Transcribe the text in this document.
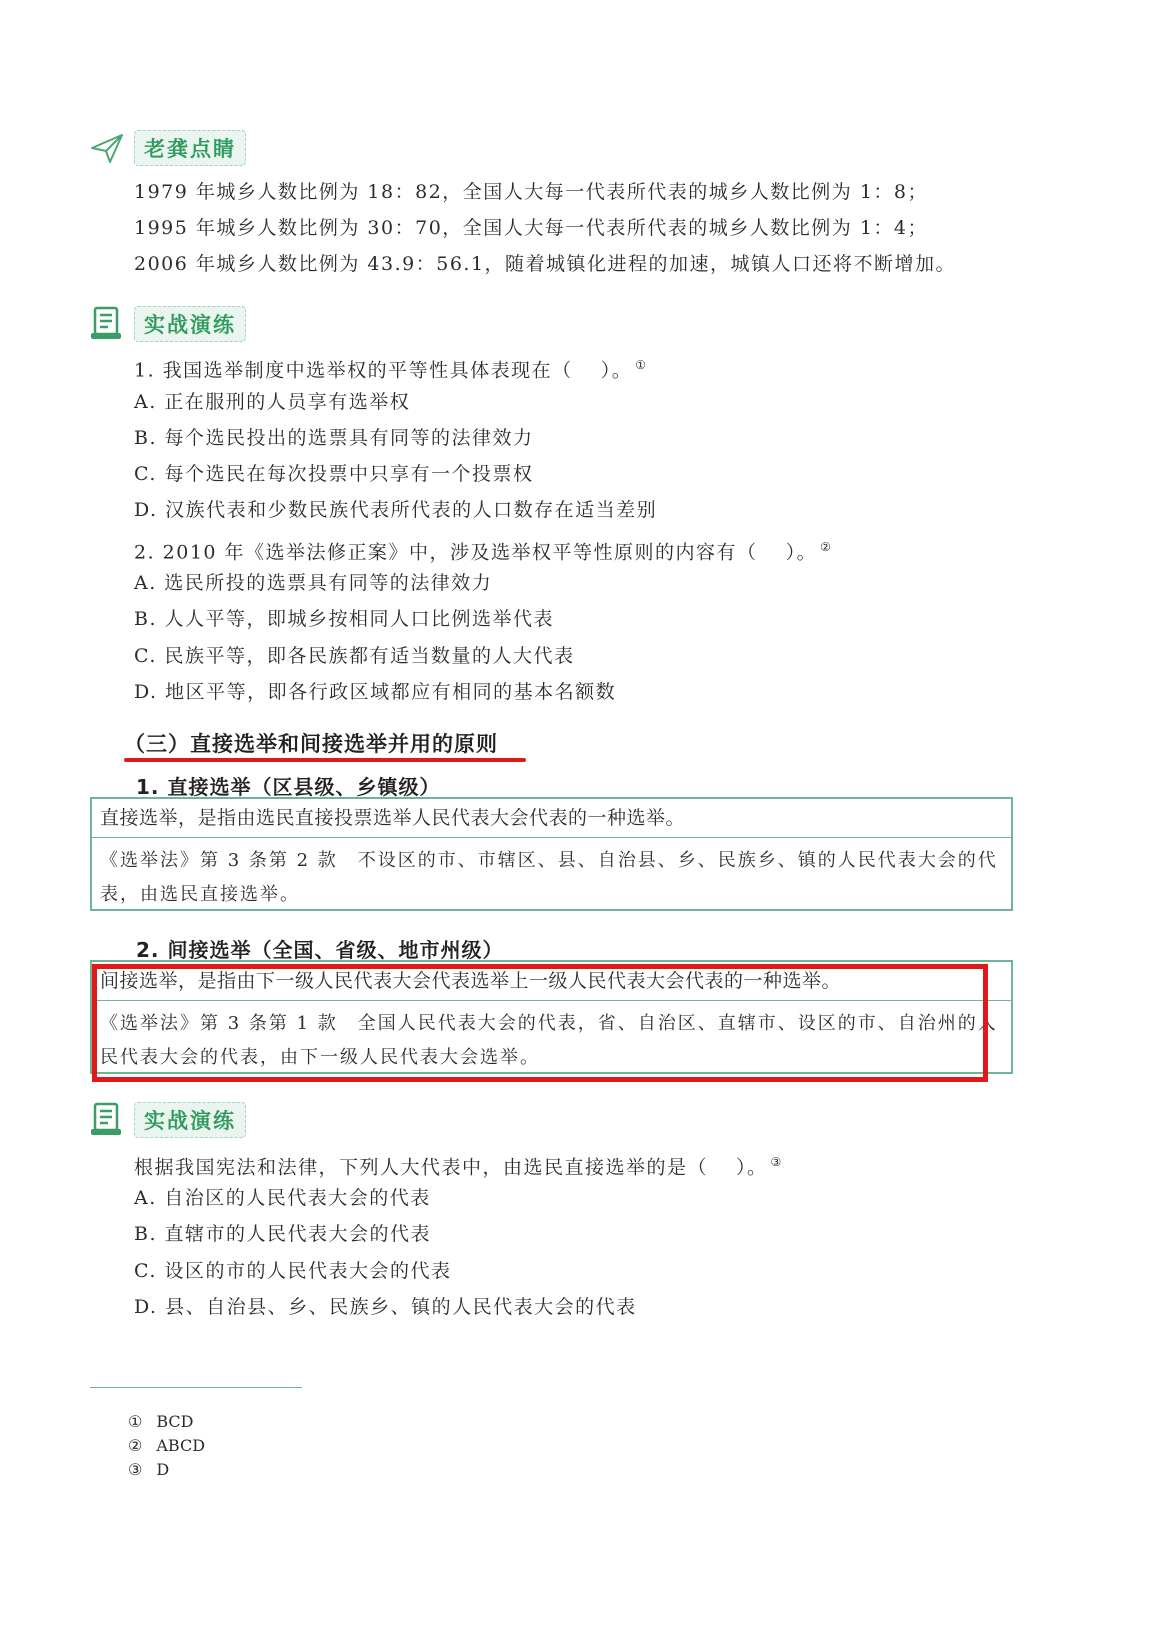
老龚点睛
1979 年城乡人数比例为 18：82，全国人大每一代表所代表的城乡人数比例为 1：8；
1995 年城乡人数比例为 30：70，全国人大每一代表所代表的城乡人数比例为 1：4；
2006 年城乡人数比例为 43.9：56.1，随着城镇化进程的加速，城镇人口还将不断增加。
实战演练
1. 我国选举制度中选举权的平等性具体表现在（　 ）。 ①
A. 正在服刑的人员享有选举权
B. 每个选民投出的选票具有同等的法律效力
C. 每个选民在每次投票中只享有一个投票权
D. 汉族代表和少数民族代表所代表的人口数存在适当差别
2. 2010 年《选举法修正案》中，涉及选举权平等性原则的内容有（　 ）。 ②
A. 选民所投的选票具有同等的法律效力
B. 人人平等，即城乡按相同人口比例选举代表
C. 民族平等，即各民族都有适当数量的人大代表
D. 地区平等，即各行政区域都应有相同的基本名额数
（三）直接选举和间接选举并用的原则
1. 直接选举（区县级、乡镇级）
直接选举，是指由选民直接投票选举人民代表大会代表的一种选举。
《选举法》第 3 条第 2 款　不设区的市、市辖区、县、自治县、乡、民族乡、镇的人民代表大会的代表，由选民直接选举。
2. 间接选举（全国、省级、地市州级）
间接选举，是指由下一级人民代表大会代表选举上一级人民代表大会代表的一种选举。
《选举法》第 3 条第 1 款　全国人民代表大会的代表，省、自治区、直辖市、设区的市、自治州的人民代表大会的代表，由下一级人民代表大会选举。
实战演练
根据我国宪法和法律，下列人大代表中，由选民直接选举的是（　 ）。 ③
A. 自治区的人民代表大会的代表
B. 直辖市的人民代表大会的代表
C. 设区的市的人民代表大会的代表
D. 县、自治县、乡、民族乡、镇的人民代表大会的代表
① BCD
② ABCD
③ D
